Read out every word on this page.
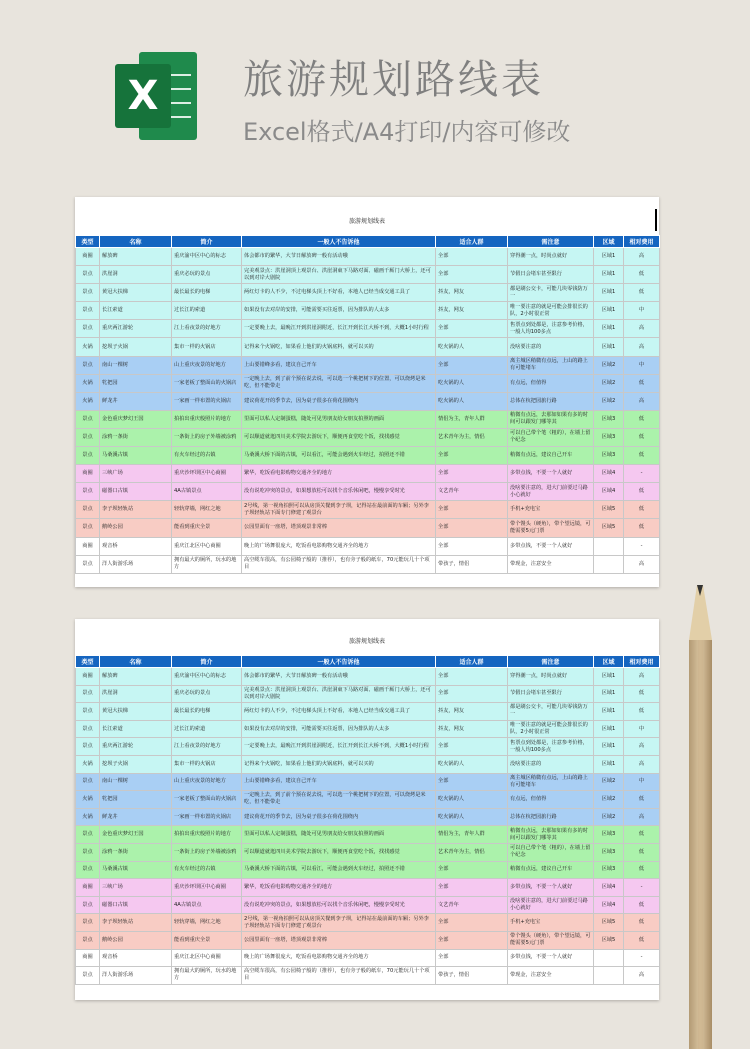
X	旅游规划路线表
Excel格式/A4打印/内容可修改
旅游规划线表
类型	名称	简介	一般人不告诉他	适合人群	需注意	区域	相对费用
商圈	解放碑	重庆渝中区中心的标志	体会都市的繁华，大节日解放碑一般有活动哦	全部	穿得潮一点，时尚点就好	区域1	高
景点	洪崖洞	重庆必玩的景点	完美观景点：洪崖洞顶上观景台、洪崖洞東下马路对面、磁画千厮门大桥上，还可以到对岸大剧院	全部	节假日会堵车甚至限行	区域1	低
景点	黄冠大扶梯	最长最长的电梯	两红灯卡的人不少，不过电梯头顶上不好看，本地人已经当成交通工具了	抖友，网友	都是刷公交卡，可能几块零钱防万一	区域1	低
景点	长江索道	过长江的索道	如果没有去对岸的安排，可能需要买往返票，因为排队的人太多	抖友，网友	唯一要注意的就是可能会排很长的队，2小时很正常	区域1	中
景点	重庆两江游轮	江上看夜景的好地方	一定要晚上去，最晚江开到洪崖洞附近，长江开到长江大桥不到，大概1小时行程	全部	售票点到处都是，注意参考价格，一般人均100多点	区域1	高
火锅	挖坝子火锅	集市一样的火锅店	记得来个火锅吃，如果看上他们的火锅底料，就可以买的	吃火锅的人	没啥要注意的	区域1	高
景点	南山一棵树	山上重庆夜景的好地方	上山要错峰多看，建议自己开车	全部	离主城区稍微有点远，上山的路上有可能堵车	区域2	中
火锅	牝把园	一家老板了整面山的火锅店	一定晚上去，到了前个预在说去说，可以选一个桃把树下的位置，可以烧烤是米吃，但不能带走	吃火锅的人	有点远，但值得	区域2	低
火锅	鲜龙井	一家画一样布置的火锅店	建议荷花开的季节去，因为桌子很多在荷花围绕内	吃火锅的人	总体在杭把园旅行路	区域2	高
景点	金色重庆梦幻王国	拍拍出重庆般照片的地方	里面可以私人定制蛋糕，随处可见男朋友给女朋友拍照的画面	情侣为主，青年人群	稍微有点远，去那如如果有多的时间可以跟发门哪等其	区域3	低
景点	涂鸦一条街	一条街上的房子外墙被涂鸦	可以顺道就逛四川美术学院去游玩下，顺便再食堂吃个饭，找找感觉	艺术青年为主，情侣	可以自己带个笔（粗的），在墙上留个纪念	区域3	低
景点	马桑溪古镇	有火车经过的古镇	马桑溪大桥下面的古镇，可以看江，可能会遇到火车经过，拍照还不错	全部	稍微有点远，建议自己开车	区域3	低
商圈	三峡广场	重庆沙坪坝区中心商圈	繁华，吃饭看电影购物交通齐全的地方	全部	多带点钱，不要一个人就好	区域4	-
景点	磁器口古镇	4A古镇景点	没有说吃冲突的景点，如果想放松可以找个音乐休闲吧，慢慢享受时光	文艺青年	没啥要注意的，进大门前要过马路小心就好	区域4	低
景点	李子坝轻轨站	轻轨穿墙，网红之地	2号线，第一视角拍照可以从房顶关餐到李子坝，记得站在最前面的车厢；另外李子坝轻轨站下面专门修建了观景台	全部	手机+充电宝	区域5	低
景点	鹅岭公园	能看到重庆全景	公园里面有一座塔，塔顶观景非常棒	全部	带个馒头（硬角），带个望远镜，可能需要5元门票	区域5	低
商圈	观音桥	重庆江北区中心商圈	晚上的广场舞很庞大，吃饭看电影购物交通齐全的地方	全部	多带点钱，不要一个人就好		-
景点	洋人街游乐场	拥有最大的厕所，玩水的地方	高空缆车很高，有公园椅子般的（推荐），也有旁子般的纸车，70元能玩几十个项目	带孩子，情侣	带现金，注意安全		高
旅游规划线表
类型	名称	简介	一般人不告诉他	适合人群	需注意	区域	相对费用
商圈	解放碑	重庆渝中区中心的标志	体会都市的繁华，大节日解放碑一般有活动哦	全部	穿得潮一点，时尚点就好	区域1	高
景点	洪崖洞	重庆必玩的景点	完美观景点：洪崖洞顶上观景台、洪崖洞東下马路对面、磁画千厮门大桥上，还可以到对岸大剧院	全部	节假日会堵车甚至限行	区域1	低
景点	黄冠大扶梯	最长最长的电梯	两红灯卡的人不少，不过电梯头顶上不好看，本地人已经当成交通工具了	抖友，网友	都是刷公交卡，可能几块零钱防万一	区域1	低
景点	长江索道	过长江的索道	如果没有去对岸的安排，可能需要买往返票，因为排队的人太多	抖友，网友	唯一要注意的就是可能会排很长的队，2小时很正常	区域1	中
景点	重庆两江游轮	江上看夜景的好地方	一定要晚上去，最晚江开到洪崖洞附近，长江开到长江大桥不到，大概1小时行程	全部	售票点到处都是，注意参考价格，一般人均100多点	区域1	高
火锅	挖坝子火锅	集市一样的火锅店	记得来个火锅吃，如果看上他们的火锅底料，就可以买的	吃火锅的人	没啥要注意的	区域1	高
景点	南山一棵树	山上重庆夜景的好地方	上山要错峰多看，建议自己开车	全部	离主城区稍微有点远，上山的路上有可能堵车	区域2	中
火锅	牝把园	一家老板了整面山的火锅店	一定晚上去，到了前个预在说去说，可以选一个桃把树下的位置，可以烧烤是米吃，但不能带走	吃火锅的人	有点远，但值得	区域2	低
火锅	鲜龙井	一家画一样布置的火锅店	建议荷花开的季节去，因为桌子很多在荷花围绕内	吃火锅的人	总体在杭把园旅行路	区域2	高
景点	金色重庆梦幻王国	拍拍出重庆般照片的地方	里面可以私人定制蛋糕，随处可见男朋友给女朋友拍照的画面	情侣为主，青年人群	稍微有点远，去那如如果有多的时间可以跟发门哪等其	区域3	低
景点	涂鸦一条街	一条街上的房子外墙被涂鸦	可以顺道就逛四川美术学院去游玩下，顺便再食堂吃个饭，找找感觉	艺术青年为主，情侣	可以自己带个笔（粗的），在墙上留个纪念	区域3	低
景点	马桑溪古镇	有火车经过的古镇	马桑溪大桥下面的古镇，可以看江，可能会遇到火车经过，拍照还不错	全部	稍微有点远，建议自己开车	区域3	低
商圈	三峡广场	重庆沙坪坝区中心商圈	繁华，吃饭看电影购物交通齐全的地方	全部	多带点钱，不要一个人就好	区域4	-
景点	磁器口古镇	4A古镇景点	没有说吃冲突的景点，如果想放松可以找个音乐休闲吧，慢慢享受时光	文艺青年	没啥要注意的，进大门前要过马路小心就好	区域4	低
景点	李子坝轻轨站	轻轨穿墙，网红之地	2号线，第一视角拍照可以从房顶关餐到李子坝，记得站在最前面的车厢；另外李子坝轻轨站下面专门修建了观景台	全部	手机+充电宝	区域5	低
景点	鹅岭公园	能看到重庆全景	公园里面有一座塔，塔顶观景非常棒	全部	带个馒头（硬角），带个望远镜，可能需要5元门票	区域5	低
商圈	观音桥	重庆江北区中心商圈	晚上的广场舞很庞大，吃饭看电影购物交通齐全的地方	全部	多带点钱，不要一个人就好		-
景点	洋人街游乐场	拥有最大的厕所，玩水的地方	高空缆车很高，有公园椅子般的（推荐），也有旁子般的纸车，70元能玩几十个项目	带孩子，情侣	带现金，注意安全		高
